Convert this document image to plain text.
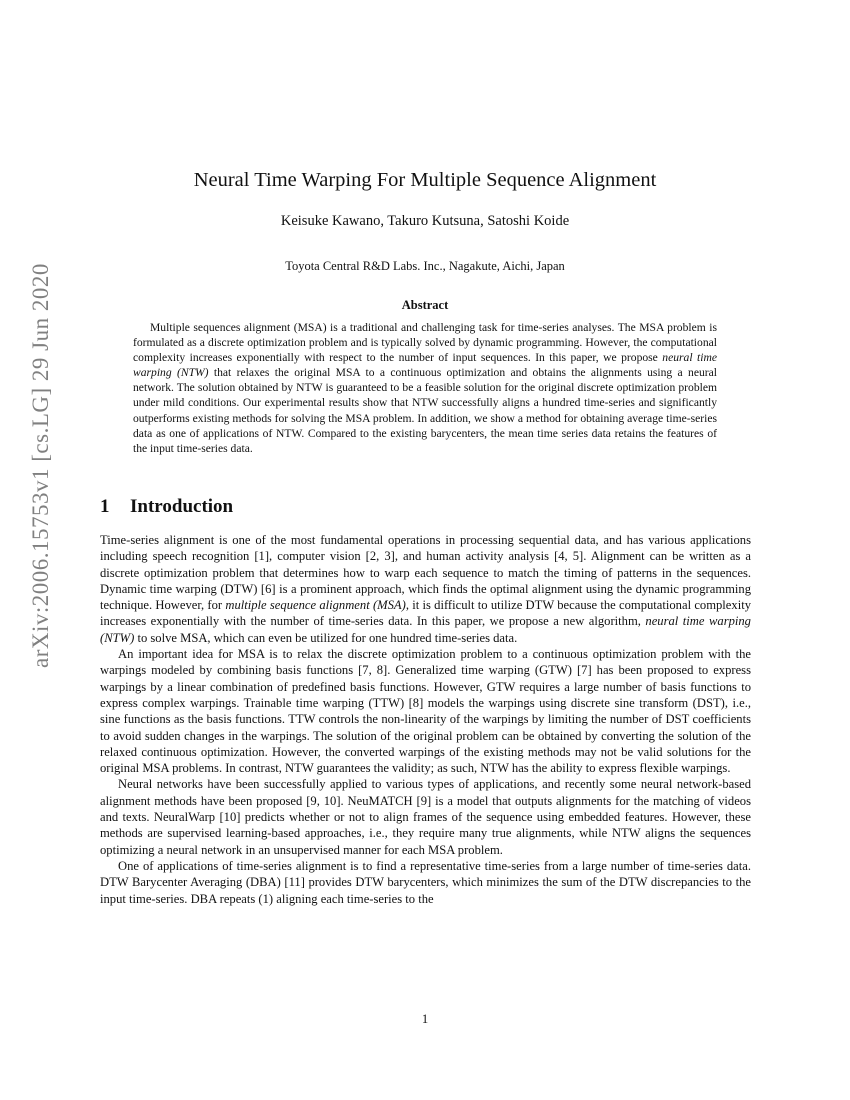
arXiv:2006.15753v1 [cs.LG] 29 Jun 2020
Neural Time Warping For Multiple Sequence Alignment
Keisuke Kawano, Takuro Kutsuna, Satoshi Koide
Toyota Central R&D Labs. Inc., Nagakute, Aichi, Japan
Abstract

Multiple sequences alignment (MSA) is a traditional and challenging task for time-series analyses. The MSA problem is formulated as a discrete optimization problem and is typically solved by dynamic programming. However, the computational complexity increases exponentially with respect to the number of input sequences. In this paper, we propose neural time warping (NTW) that relaxes the original MSA to a continuous optimization and obtains the alignments using a neural network. The solution obtained by NTW is guaranteed to be a feasible solution for the original discrete optimization problem under mild conditions. Our experimental results show that NTW successfully aligns a hundred time-series and significantly outperforms existing methods for solving the MSA problem. In addition, we show a method for obtaining average time-series data as one of applications of NTW. Compared to the existing barycenters, the mean time series data retains the features of the input time-series data.

1 Introduction

Time-series alignment is one of the most fundamental operations in processing sequential data, and has various applications including speech recognition [1], computer vision [2, 3], and human activity analysis [4, 5]. Alignment can be written as a discrete optimization problem that determines how to warp each sequence to match the timing of patterns in the sequences. Dynamic time warping (DTW) [6] is a prominent approach, which finds the optimal alignment using the dynamic programming technique. However, for multiple sequence alignment (MSA), it is difficult to utilize DTW because the computational complexity increases exponentially with the number of time-series data. In this paper, we propose a new algorithm, neural time warping (NTW) to solve MSA, which can even be utilized for one hundred time-series data.

An important idea for MSA is to relax the discrete optimization problem to a continuous optimization problem with the warpings modeled by combining basis functions [7, 8]. Generalized time warping (GTW) [7] has been proposed to express warpings by a linear combination of predefined basis functions. However, GTW requires a large number of basis functions to express complex warpings. Trainable time warping (TTW) [8] models the warpings using discrete sine transform (DST), i.e., sine functions as the basis functions. TTW controls the non-linearity of the warpings by limiting the number of DST coefficients to avoid sudden changes in the warpings. The solution of the original problem can be obtained by converting the solution of the relaxed continuous optimization. However, the converted warpings of the existing methods may not be valid solutions for the original MSA problems. In contrast, NTW guarantees the validity; as such, NTW has the ability to express flexible warpings.

Neural networks have been successfully applied to various types of applications, and recently some neural network-based alignment methods have been proposed [9, 10]. NeuMATCH [9] is a model that outputs alignments for the matching of videos and texts. NeuralWarp [10] predicts whether or not to align frames of the sequence using embedded features. However, these methods are supervised learning-based approaches, i.e., they require many true alignments, while NTW aligns the sequences optimizing a neural network in an unsupervised manner for each MSA problem.

One of applications of time-series alignment is to find a representative time-series from a large number of time-series data. DTW Barycenter Averaging (DBA) [11] provides DTW barycenters, which minimizes the sum of the DTW discrepancies to the input time-series. DBA repeats (1) aligning each time-series to the

1
